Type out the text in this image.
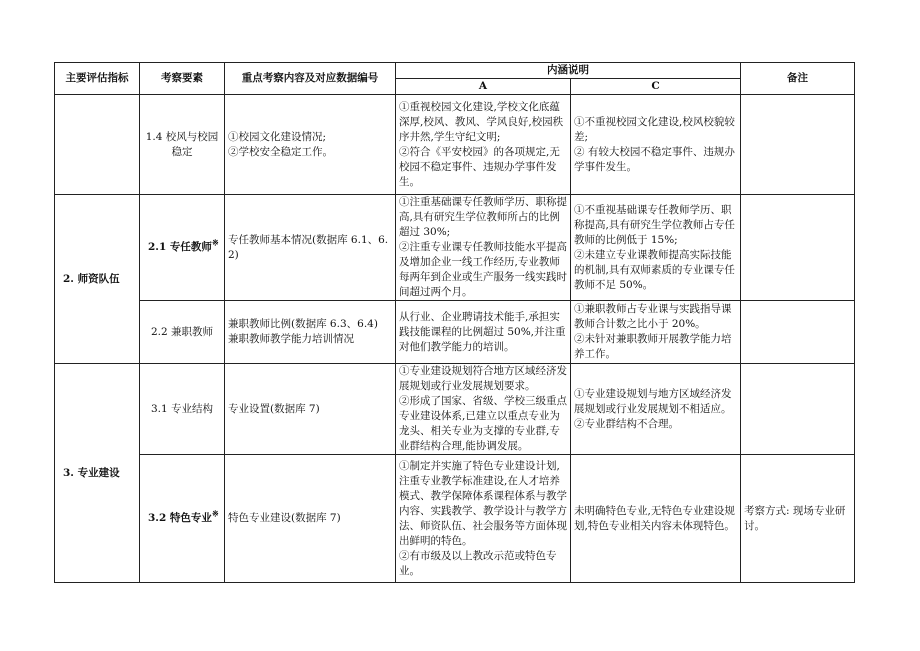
主要评估指标	考察要素	重点考察内容及对应数据编号	内涵说明		备注
			A	C	
	1.4 校风与校园稳定	①校园文化建设情况;
②学校安全稳定工作。	①重视校园文化建设,学校文化底蕴深厚,校风、教风、学风良好,校园秩序井然,学生守纪文明;
②符合《平安校园》的各项规定,无校园不稳定事件、违规办学事件发生。	①不重视校园文化建设,校风校貌较差;
② 有较大校园不稳定事件、违规办学事件发生。	

2. 师资队伍	2.1 专任教师※	专任教师基本情况(数据库 6.1、6.2)	①注重基础课专任教师学历、职称提高,具有研究生学位教师所占的比例超过 30%;
②注重专业课专任教师技能水平提高及增加企业一线工作经历,专业教师每两年到企业或生产服务一线实践时间超过两个月。	①不重视基础课专任教师学历、职称提高,具有研究生学位教师占专任教师的比例低于 15%;
②未建立专业课教师提高实际技能的机制,具有双师素质的专业课专任教师不足 50%。	

	2.2 兼职教师	兼职教师比例(数据库 6.3、6.4)
兼职教师教学能力培训情况	从行业、企业聘请技术能手,承担实践技能课程的比例超过 50%,并注重对他们教学能力的培训。	①兼职教师占专业课与实践指导课教师合计数之比小于 20%。
②未针对兼职教师开展教学能力培养工作。	

3. 专业建设	3.1 专业结构	专业设置(数据库 7)	①专业建设规划符合地方区域经济发展规划或行业发展规划要求。
②形成了国家、省级、学校三级重点专业建设体系,已建立以重点专业为龙头、相关专业为支撑的专业群,专业群结构合理,能协调发展。	①专业建设规划与地方区域经济发展规划或行业发展规划不相适应。
②专业群结构不合理。	

	3.2 特色专业※	特色专业建设(数据库 7)	①制定并实施了特色专业建设计划,注重专业教学标准建设,在人才培养模式、教学保障体系课程体系与教学内容、实践教学、教学设计与教学方法、师资队伍、社会服务等方面体现出鲜明的特色。
②有市级及以上教改示范或特色专业。	未明确特色专业,无特色专业建设规划,特色专业相关内容未体现特色。	考察方式: 现场专业研讨。
